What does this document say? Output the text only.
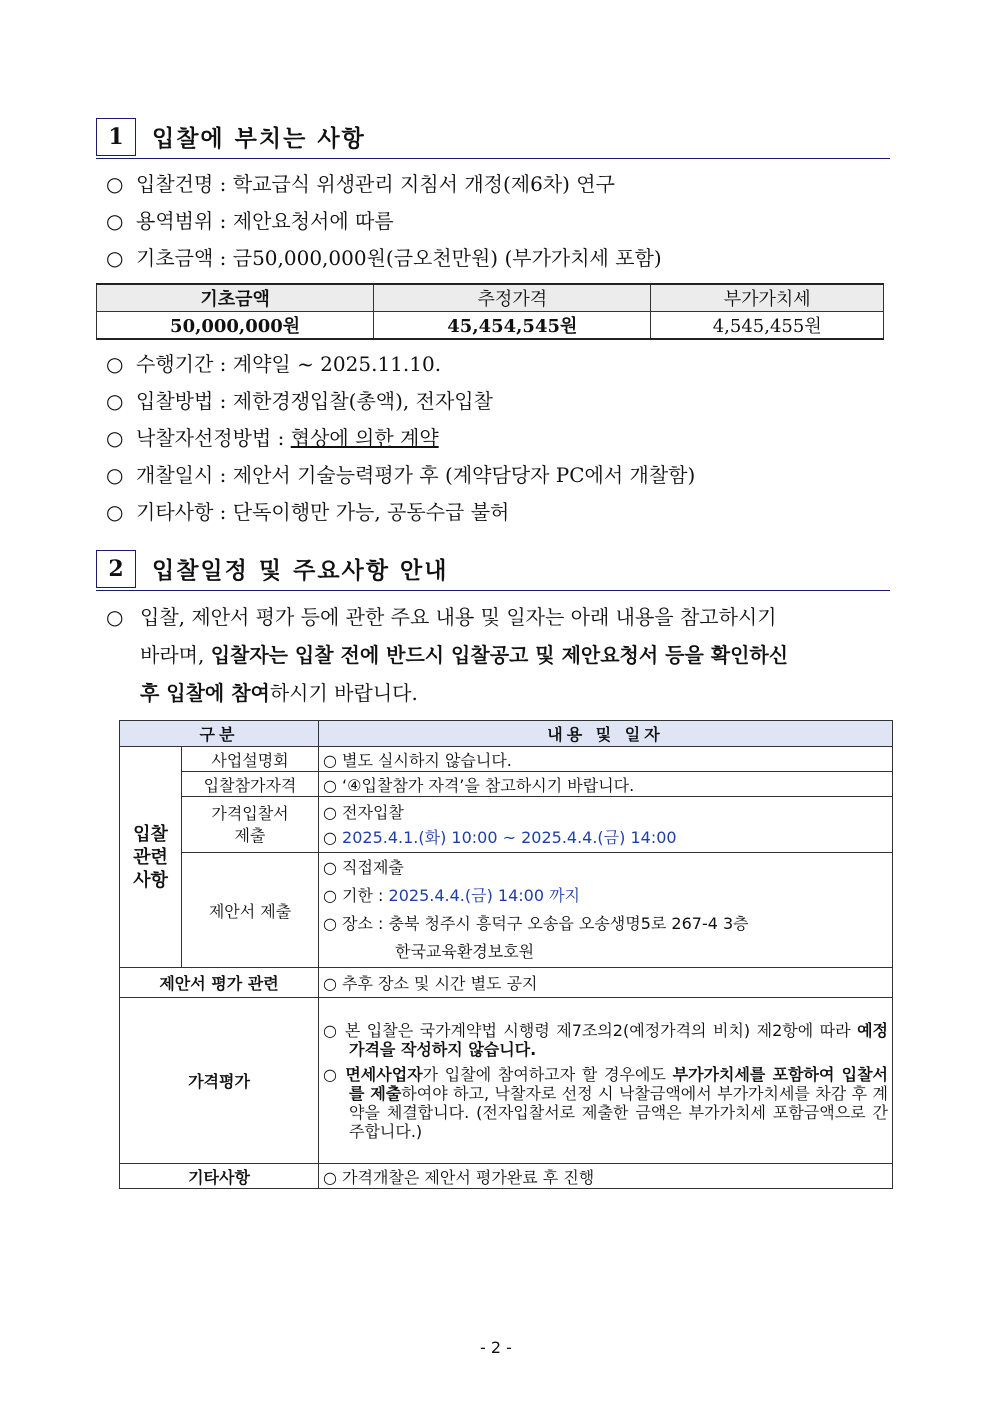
1	입찰에 부치는 사항
○ 입찰건명 : 학교급식 위생관리 지침서 개정(제6차) 연구
○ 용역범위 : 제안요청서에 따름
○ 기초금액 : 금50,000,000원(금오천만원) (부가가치세 포함)
기초금액	추정가격	부가가치세
50,000,000원	45,454,545원	4,545,455원
○ 수행기간 : 계약일 ~ 2025.11.10.
○ 입찰방법 : 제한경쟁입찰(총액), 전자입찰
○ 낙찰자선정방법 : 협상에 의한 계약
○ 개찰일시 : 제안서 기술능력평가 후 (계약담당자 PC에서 개찰함)
○ 기타사항 : 단독이행만 가능, 공동수급 불허
2	입찰일정 및 주요사항 안내
○ 입찰, 제안서 평가 등에 관한 주요 내용 및 일자는 아래 내용을 참고하시기
바라며, 입찰자는 입찰 전에 반드시 입찰공고 및 제안요청서 등을 확인하신
후 입찰에 참여하시기 바랍니다.
구분		내용 및 일자
입찰
관련
사항	사업설명회	○ 별도 실시하지 않습니다.
	입찰참가자격	○ ‘④입찰참가 자격’을 참고하시기 바랍니다.
	가격입찰서
제출	○ 전자입찰
○ 2025.4.1.(화) 10:00 ~ 2025.4.4.(금) 14:00

	제안서 제출	○ 직접제출
○ 기한 : 2025.4.4.(금) 14:00 까지
○ 장소 : 충북 청주시 흥덕구 오송읍 오송생명5로 267-4 3층
한국교육환경보호원

제안서 평가 관련		○ 추후 장소 및 시간 별도 공지
가격평가		○ 본 입찰은 국가계약법 시행령 제7조의2(예정가격의 비치) 제2항에 따라 예정가격을 작성하지 않습니다.
○ 면세사업자가 입찰에 참여하고자 할 경우에도 부가가치세를 포함하여 입찰서를 제출하여야 하고, 낙찰자로 선정 시 낙찰금액에서 부가가치세를 차감 후 계약을 체결합니다. (전자입찰서로 제출한 금액은 부가가치세 포함금액으로 간주합니다.)

기타사항		○ 가격개찰은 제안서 평가완료 후 진행
- 2 -
